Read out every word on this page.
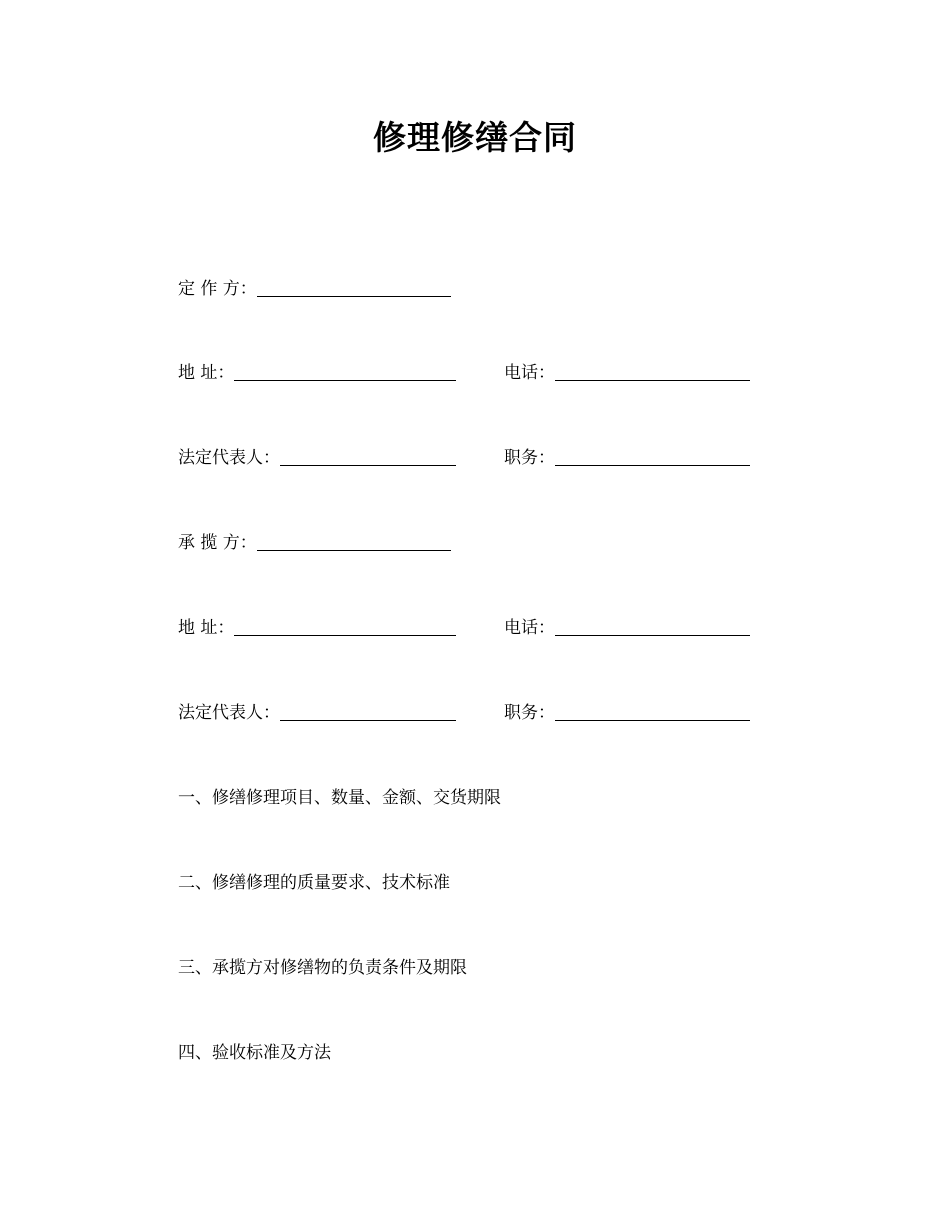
修理修缮合同
定 作 方：
地 址：	电话：
法定代表人：	职务：
承 揽 方：
地 址：	电话：
法定代表人：	职务：
一、修缮修理项目、数量、金额、交货期限
二、修缮修理的质量要求、技术标准
三、承揽方对修缮物的负责条件及期限
四、验收标准及方法
